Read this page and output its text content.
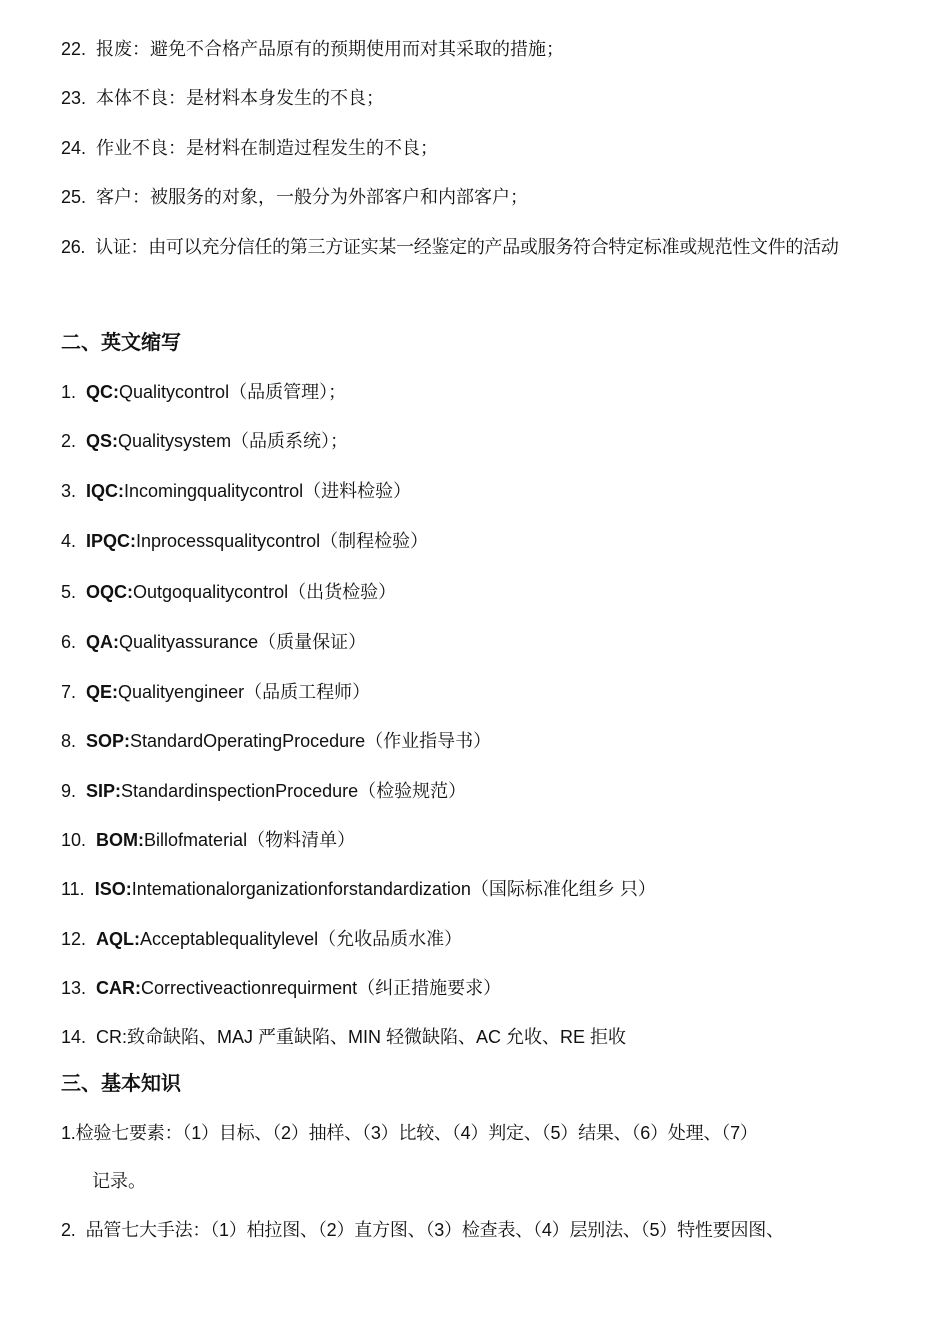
22. 报废：避免不合格产品原有的预期使用而对其采取的措施；
23. 本体不良：是材料本身发生的不良；
24. 作业不良：是材料在制造过程发生的不良；
25. 客户：被服务的对象，一般分为外部客户和内部客户；
26. 认证：由可以充分信任的第三方证实某一经鉴定的产品或服务符合特定标准或规范性文件的活动
二、英文缩写
1. QC:Qualitycontrol（品质管理）；
2. QS:Qualitysystem（品质系统）；
3. IQC:Incomingqualitycontrol（进料检验）
4. IPQC:Inprocessqualitycontrol（制程检验）
5. OQC:Outgoqualitycontrol（出货检验）
6. QA:Qualityassurance（质量保证）
7. QE:Qualityengineer（品质工程师）
8. SOP:StandardOperatingProcedure（作业指导书）
9. SIP:StandardinspectionProcedure（检验规范）
10. BOM:Billofmaterial（物料清单）
11. ISO:Intemationalorganizationforstandardization（国际标准化组乡 只）
12. AQL:Acceptablequalitylevel（允收品质水准）
13. CAR:Correctiveactionrequirment（纠正措施要求）
14. CR:致命缺陷、MAJ 严重缺陷、MIN 轻微缺陷、AC 允收、RE 拒收
三、基本知识
1.检验七要素：（1）目标、（2）抽样、（3）比较、（4）判定、（5）结果、（6）处理、（7）
记录。
2. 品管七大手法：（1）柏拉图、（2）直方图、（3）检查表、（4）层别法、（5）特性要因图、
